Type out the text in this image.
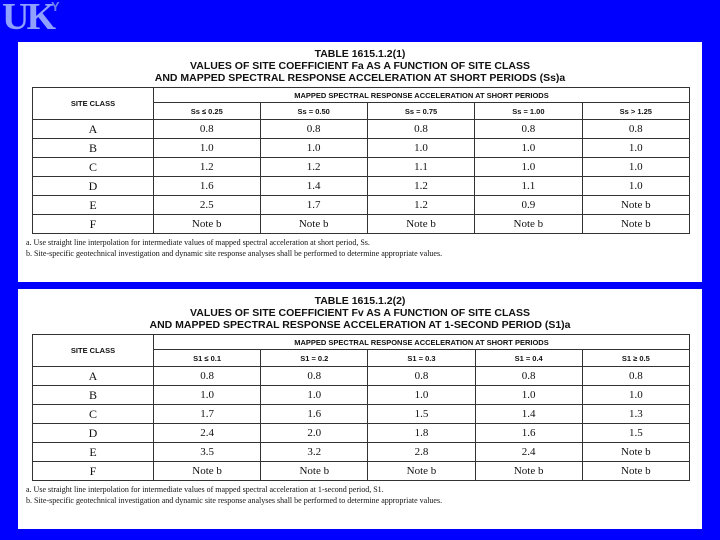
$UK^Y$
TABLE 1615.1.2(1)
VALUES OF SITE COEFFICIENT Fa AS A FUNCTION OF SITE CLASS
AND MAPPED SPECTRAL RESPONSE ACCELERATION AT SHORT PERIODS (Ss)a
SITE CLASS	MAPPED SPECTRAL RESPONSE ACCELERATION AT SHORT PERIODS				
	Ss ≤ 0.25	Ss = 0.50	Ss = 0.75	Ss = 1.00	Ss > 1.25
A	0.8	0.8	0.8	0.8	0.8
B	1.0	1.0	1.0	1.0	1.0
C	1.2	1.2	1.1	1.0	1.0
D	1.6	1.4	1.2	1.1	1.0
E	2.5	1.7	1.2	0.9	Note b
F	Note b	Note b	Note b	Note b	Note b
a. Use straight line interpolation for intermediate values of mapped spectral acceleration at short period, Ss.
b. Site-specific geotechnical investigation and dynamic site response analyses shall be performed to determine appropriate values.
TABLE 1615.1.2(2)
VALUES OF SITE COEFFICIENT Fv AS A FUNCTION OF SITE CLASS
AND MAPPED SPECTRAL RESPONSE ACCELERATION AT 1-SECOND PERIOD (S1)a
SITE CLASS	MAPPED SPECTRAL RESPONSE ACCELERATION AT SHORT PERIODS				
	S1 ≤ 0.1	S1 = 0.2	S1 = 0.3	S1 = 0.4	S1 ≥ 0.5
A	0.8	0.8	0.8	0.8	0.8
B	1.0	1.0	1.0	1.0	1.0
C	1.7	1.6	1.5	1.4	1.3
D	2.4	2.0	1.8	1.6	1.5
E	3.5	3.2	2.8	2.4	Note b
F	Note b	Note b	Note b	Note b	Note b
a. Use straight line interpolation for intermediate values of mapped spectral acceleration at 1-second period, S1.
b. Site-specific geotechnical investigation and dynamic site response analyses shall be performed to determine appropriate values.
